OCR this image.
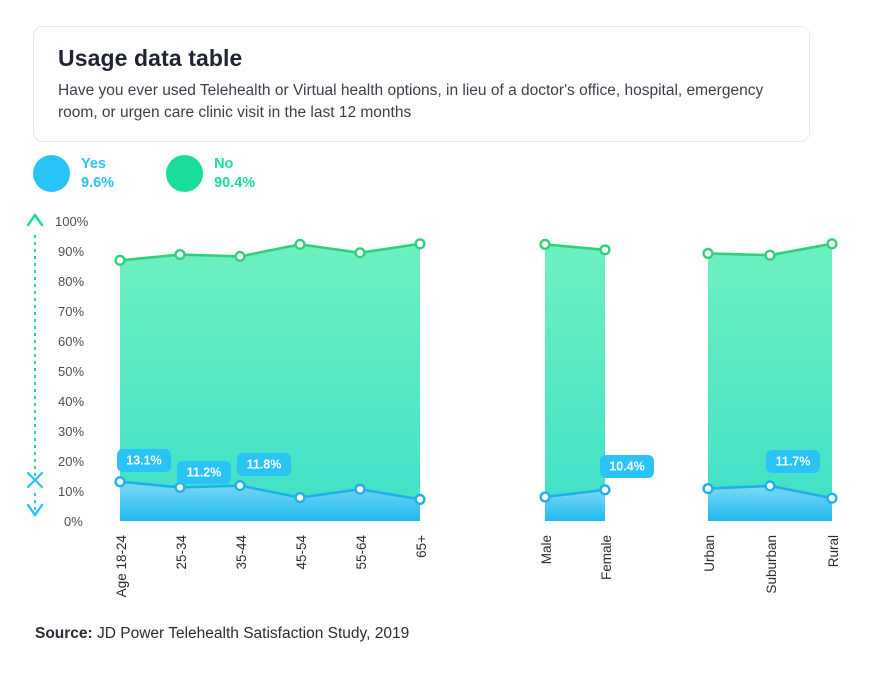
Usage data table
Have you ever used Telehealth or Virtual health options, in lieu of a doctor's office, hospital, emergency room, or urgen care clinic visit in the last 12 months
Yes
9.6%
No
90.4%
100%
90%
80%
70%
60%
50%
40%
30%
20%
10%
0%
13.1%
11.2%
11.8%	10.4%	11.7%
Age 18-24	25-34	35-44	45-54	55-64	65+	Male	Female	Urban	Suburban	Rural
Source: JD Power Telehealth Satisfaction Study, 2019
